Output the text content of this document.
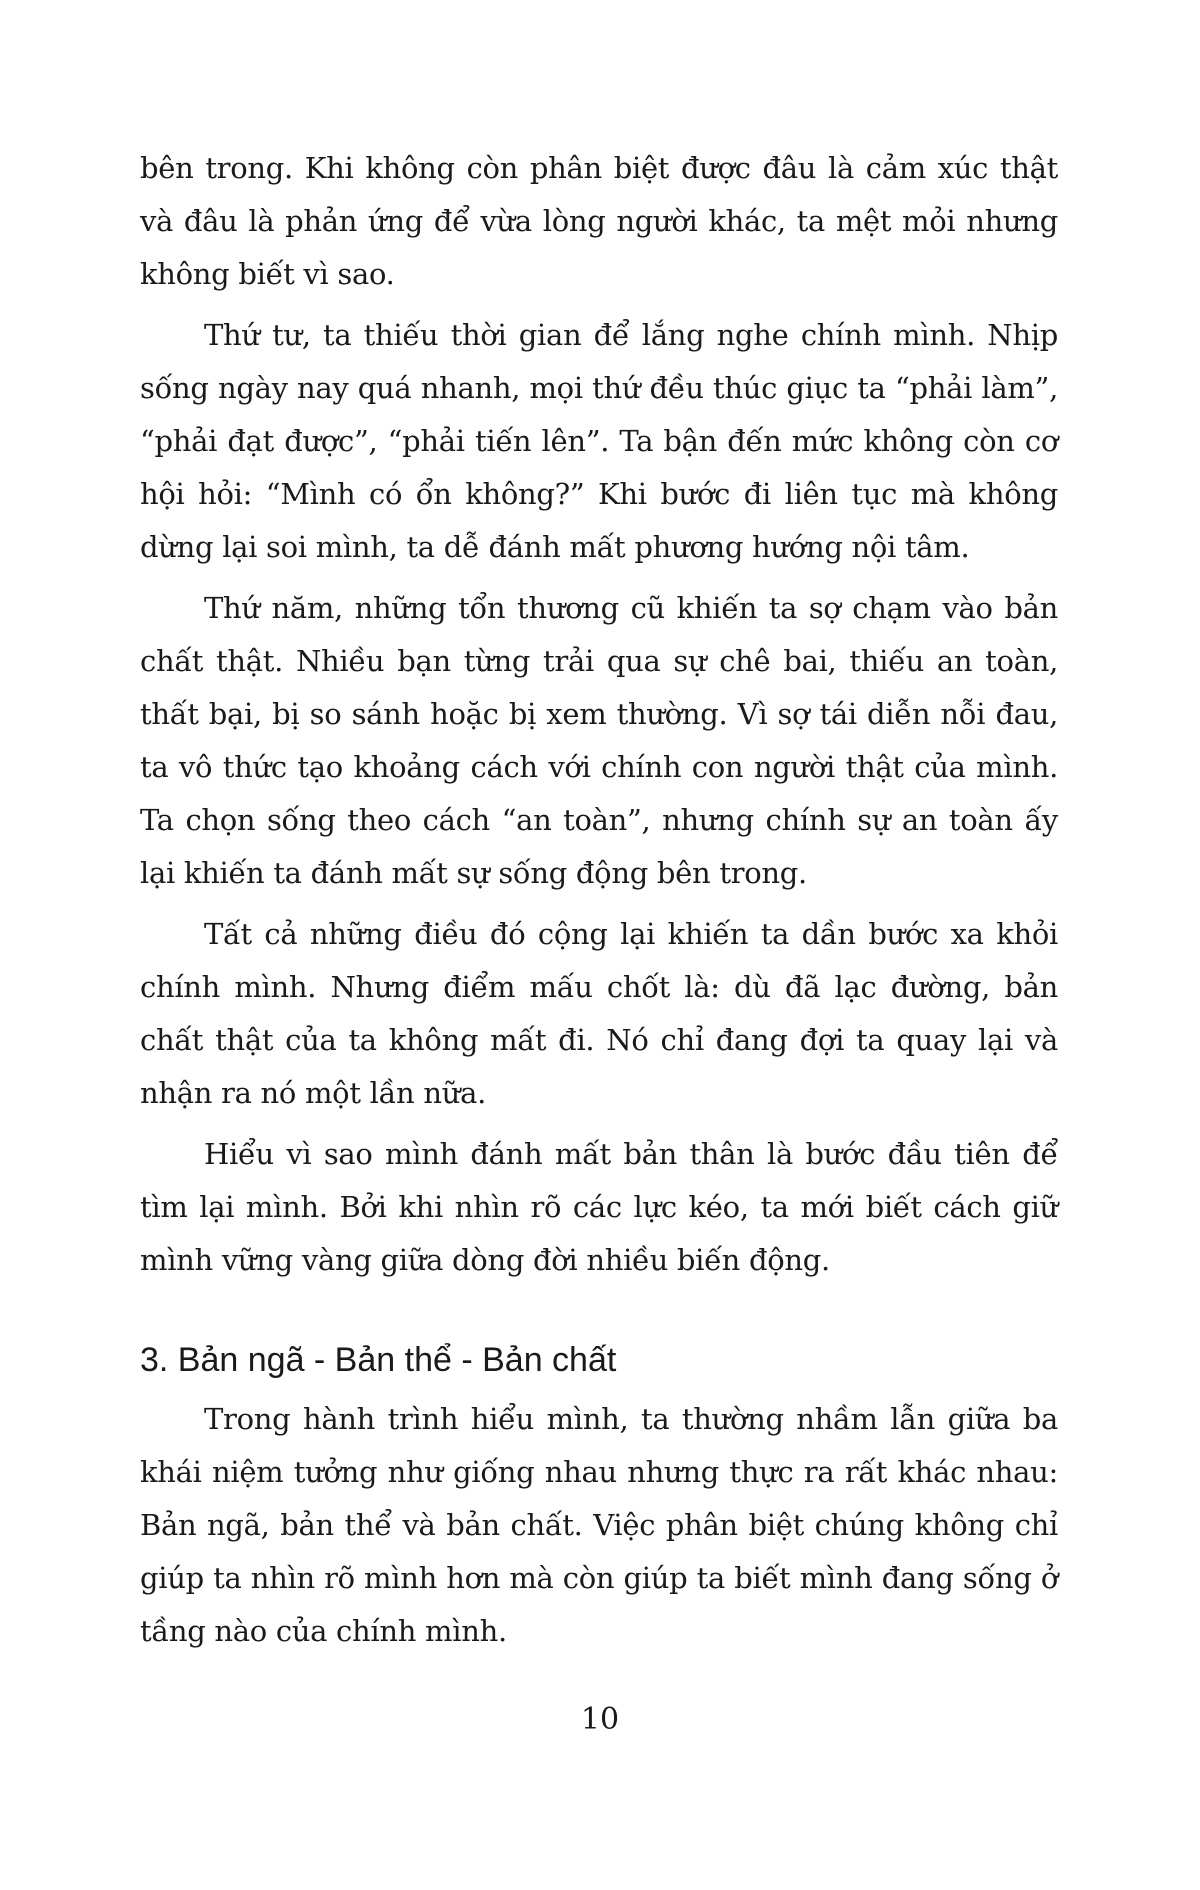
bên trong. Khi không còn phân biệt được đâu là cảm xúc thật và đâu là phản ứng để vừa lòng người khác, ta mệt mỏi nhưng không biết vì sao.

Thứ tư, ta thiếu thời gian để lắng nghe chính mình. Nhịp sống ngày nay quá nhanh, mọi thứ đều thúc giục ta “phải làm”, “phải đạt được”, “phải tiến lên”. Ta bận đến mức không còn cơ hội hỏi: “Mình có ổn không?” Khi bước đi liên tục mà không dừng lại soi mình, ta dễ đánh mất phương hướng nội tâm.

Thứ năm, những tổn thương cũ khiến ta sợ chạm vào bản chất thật. Nhiều bạn từng trải qua sự chê bai, thiếu an toàn, thất bại, bị so sánh hoặc bị xem thường. Vì sợ tái diễn nỗi đau, ta vô thức tạo khoảng cách với chính con người thật của mình. Ta chọn sống theo cách “an toàn”, nhưng chính sự an toàn ấy lại khiến ta đánh mất sự sống động bên trong.

Tất cả những điều đó cộng lại khiến ta dần bước xa khỏi chính mình. Nhưng điểm mấu chốt là: dù đã lạc đường, bản chất thật của ta không mất đi. Nó chỉ đang đợi ta quay lại và nhận ra nó một lần nữa.

Hiểu vì sao mình đánh mất bản thân là bước đầu tiên để tìm lại mình. Bởi khi nhìn rõ các lực kéo, ta mới biết cách giữ mình vững vàng giữa dòng đời nhiều biến động.

3. Bản ngã - Bản thể - Bản chất

Trong hành trình hiểu mình, ta thường nhầm lẫn giữa ba khái niệm tưởng như giống nhau nhưng thực ra rất khác nhau: Bản ngã, bản thể và bản chất. Việc phân biệt chúng không chỉ giúp ta nhìn rõ mình hơn mà còn giúp ta biết mình đang sống ở tầng nào của chính mình.

10
